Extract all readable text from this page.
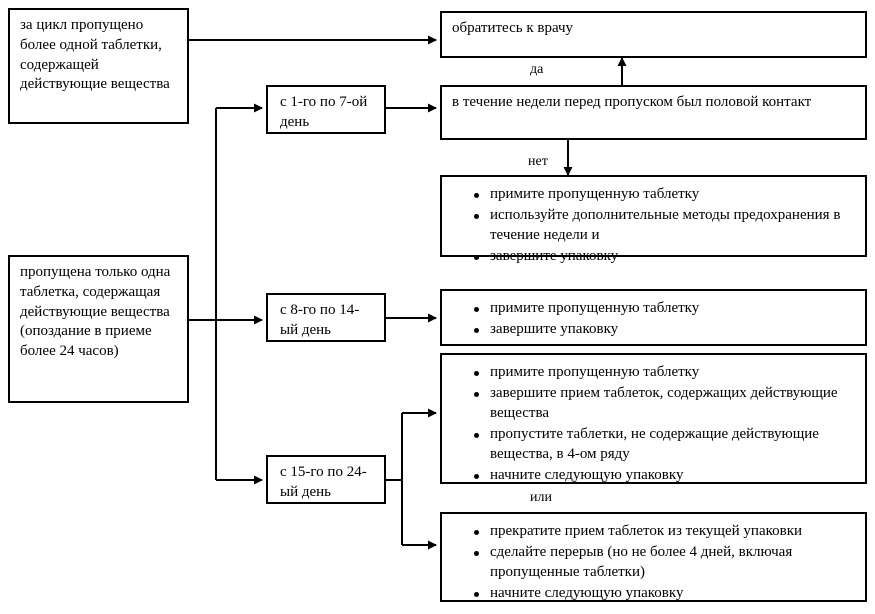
за цикл пропущено более одной таблетки, содержащей действующие вещества
пропущена только одна таблетка, содержащая действующие вещества (опоздание в приеме более 24 часов)
с 1-го по 7-ой день
с 8-го по 14-ый день
с 15-го по 24-ый день
обратитесь к врачу
в течение недели перед пропуском был половой контакт
примите пропущенную таблетку
используйте дополнительные методы предохранения в течение недели и
завершите упаковку
примите пропущенную таблетку
завершите упаковку
примите пропущенную таблетку
завершите прием таблеток, содержащих действующие вещества
пропустите таблетки, не содержащие действующие вещества, в 4-ом ряду
начните следующую упаковку
прекратите прием таблеток из текущей упаковки
сделайте перерыв (но не более 4 дней, включая пропущенные таблетки)
начните следующую упаковку
да
нет
или
